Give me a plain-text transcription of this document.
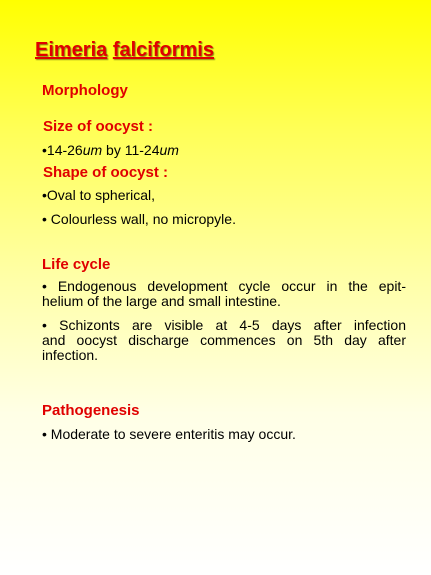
Eimeria falciformis
Morphology
Size of oocyst :
•14-26um by 11-24um
Shape of oocyst :
•Oval to spherical,
• Colourless wall, no micropyle.
Life cycle
• Endogenous development cycle occur in the epit-
helium of the large and small intestine.
• Schizonts are visible at 4-5 days after infection
and oocyst discharge commences on 5th day after
infection.
Pathogenesis
• Moderate to severe enteritis may occur.
